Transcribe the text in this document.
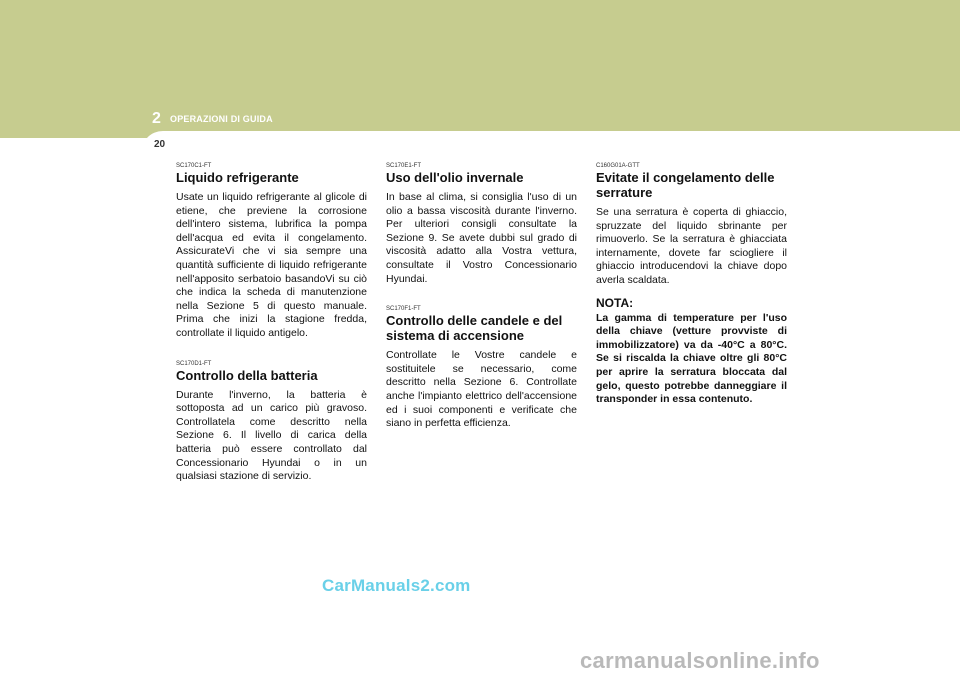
2 OPERAZIONI DI GUIDA
20
SC170C1-FT
Liquido refrigerante
Usate un liquido refrigerante al glicole di etiene, che previene la corrosione dell'intero sistema, lubrifica la pompa dell'acqua ed evita il congelamento. AssicurateVi che vi sia sempre una quantità sufficiente di liquido refrigerante nell'apposito serbatoio basandoVi su ciò che indica la scheda di manutenzione nella Sezione 5 di questo manuale. Prima che inizi la stagione fredda, controllate il liquido antigelo.
SC170D1-FT
Controllo della batteria
Durante l'inverno, la batteria è sottoposta ad un carico più gravoso. Controllatela come descritto nella Sezione 6. Il livello di carica della batteria può essere controllato dal Concessionario Hyundai o in un qualsiasi stazione di servizio.
SC170E1-FT
Uso dell'olio invernale
In base al clima, si consiglia l'uso di un olio a bassa viscosità durante l'inverno. Per ulteriori consigli consultate la Sezione 9. Se avete dubbi sul grado di viscosità adatto alla Vostra vettura, consultate il Vostro Concessionario Hyundai.
SC170F1-FT
Controllo delle candele e del sistema di accensione
Controllate le Vostre candele e sostituitele se necessario, come descritto nella Sezione 6. Controllate anche l'impianto elettrico dell'accensione ed i suoi componenti e verificate che siano in perfetta efficienza.
C160G01A-GTT
Evitate il congelamento delle serrature
Se una serratura è coperta di ghiaccio, spruzzate del liquido sbrinante per rimuoverlo. Se la serratura è ghiacciata internamente, dovete far sciogliere il ghiaccio introducendovi la chiave dopo averla scaldata.
NOTA:
La gamma di temperature per l'uso della chiave (vetture provviste di immobilizzatore) va da -40°C a 80°C. Se si riscalda la chiave oltre gli 80°C per aprire la serratura bloccata dal gelo, questo potrebbe danneggiare il transponder in essa contenuto.
CarManuals2.com
carmanualsonline.info
